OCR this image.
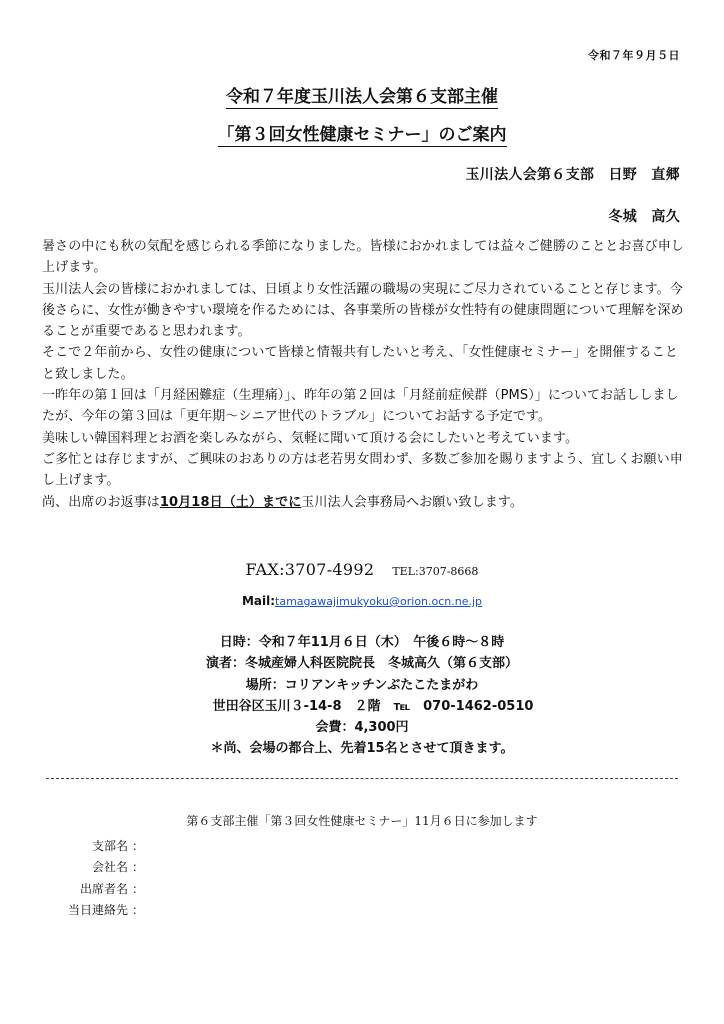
令和７年９月５日
令和７年度玉川法人会第６支部主催
「第３回女性健康セミナー」のご案内
玉川法人会第６支部　日野　直郷
冬城　高久

暑さの中にも秋の気配を感じられる季節になりました。皆様におかれましては益々ご健勝のこととお喜び申し上げます。

玉川法人会の皆様におかれましては、日頃より女性活躍の職場の実現にご尽力されていることと存じます。今後さらに、女性が働きやすい環境を作るためには、各事業所の皆様が女性特有の健康問題について理解を深めることが重要であると思われます。

そこで２年前から、女性の健康について皆様と情報共有したいと考え、「女性健康セミナー」を開催することと致しました。

一昨年の第１回は「月経困難症（生理痛）」、昨年の第２回は「月経前症候群（PMS）」についてお話ししましたが、今年の第３回は「更年期～シニア世代のトラブル」についてお話する予定です。

美味しい韓国料理とお酒を楽しみながら、気軽に聞いて頂ける会にしたいと考えています。

ご多忙とは存じますが、ご興味のおありの方は老若男女問わず、多数ご参加を賜りますよう、宜しくお願い申し上げます。

尚、出席のお返事は10月18日（土）までに玉川法人会事務局へお願い致します。

FAX:3707-4992 TEL:3707-8668
Mail:tamagawajimukyoku@orion.ocn.ne.jp
日時：令和７年11月６日（木）　午後６時～８時
演者：冬城産婦人科医院院長　冬城高久（第６支部）
場所：コリアンキッチンぶたこたまがわ
世田谷区玉川３-14-8　２階　℡　070-1462-0510
会費：4,300円
＊尚、会場の都合上、先着15名とさせて頂きます。
第６支部主催「第３回女性健康セミナー」11月６日に参加します
支部名 ：
会社名 ：
出席者名 ：
当日連絡先 ：
